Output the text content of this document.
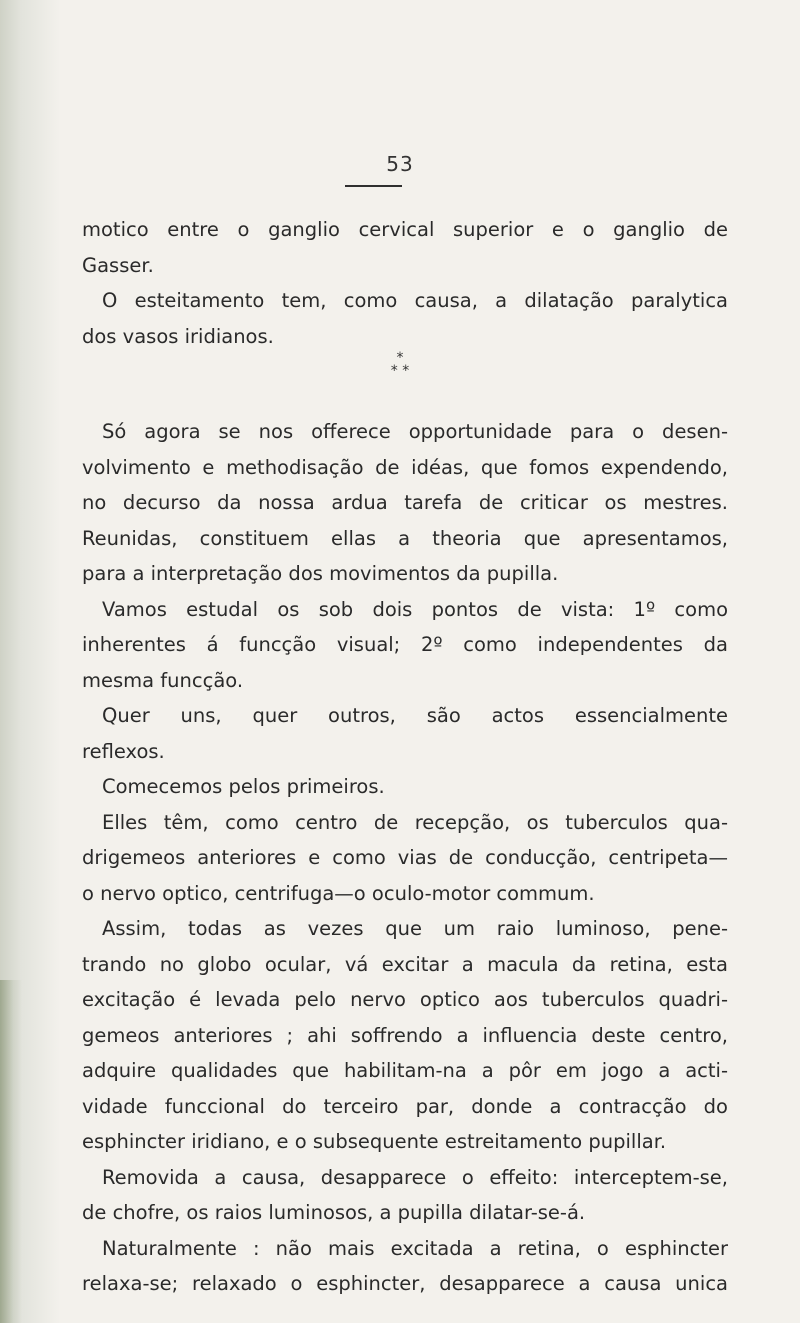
53
motico entre o ganglio cervical superior e o ganglio de
Gasser.
O esteitamento tem, como causa, a dilatação paralytica
dos vasos iridianos.
*
* *
Só agora se nos offerece opportunidade para o desen-
volvimento e methodisação de idéas, que fomos expendendo,
no decurso da nossa ardua tarefa de criticar os mestres.
Reunidas, constituem ellas a theoria que apresentamos,
para a interpretação dos movimentos da pupilla.
Vamos estudal os sob dois pontos de vista: 1º como
inherentes á funcção visual; 2º como independentes da
mesma funcção.
Quer uns, quer outros, são actos essencialmente
reflexos.
Comecemos pelos primeiros.
Elles têm, como centro de recepção, os tuberculos qua-
drigemeos anteriores e como vias de conducção, centripeta—
o nervo optico, centrifuga—o oculo-motor commum.
Assim, todas as vezes que um raio luminoso, pene-
trando no globo ocular, vá excitar a macula da retina, esta
excitação é levada pelo nervo optico aos tuberculos quadri-
gemeos anteriores ; ahi soffrendo a influencia deste centro,
adquire qualidades que habilitam-na a pôr em jogo a acti-
vidade funccional do terceiro par, donde a contracção do
esphincter iridiano, e o subsequente estreitamento pupillar.
Removida a causa, desapparece o effeito: interceptem-se,
de chofre, os raios luminosos, a pupilla dilatar-se-á.
Naturalmente : não mais excitada a retina, o esphincter
relaxa-se; relaxado o esphincter, desapparece a causa unica
